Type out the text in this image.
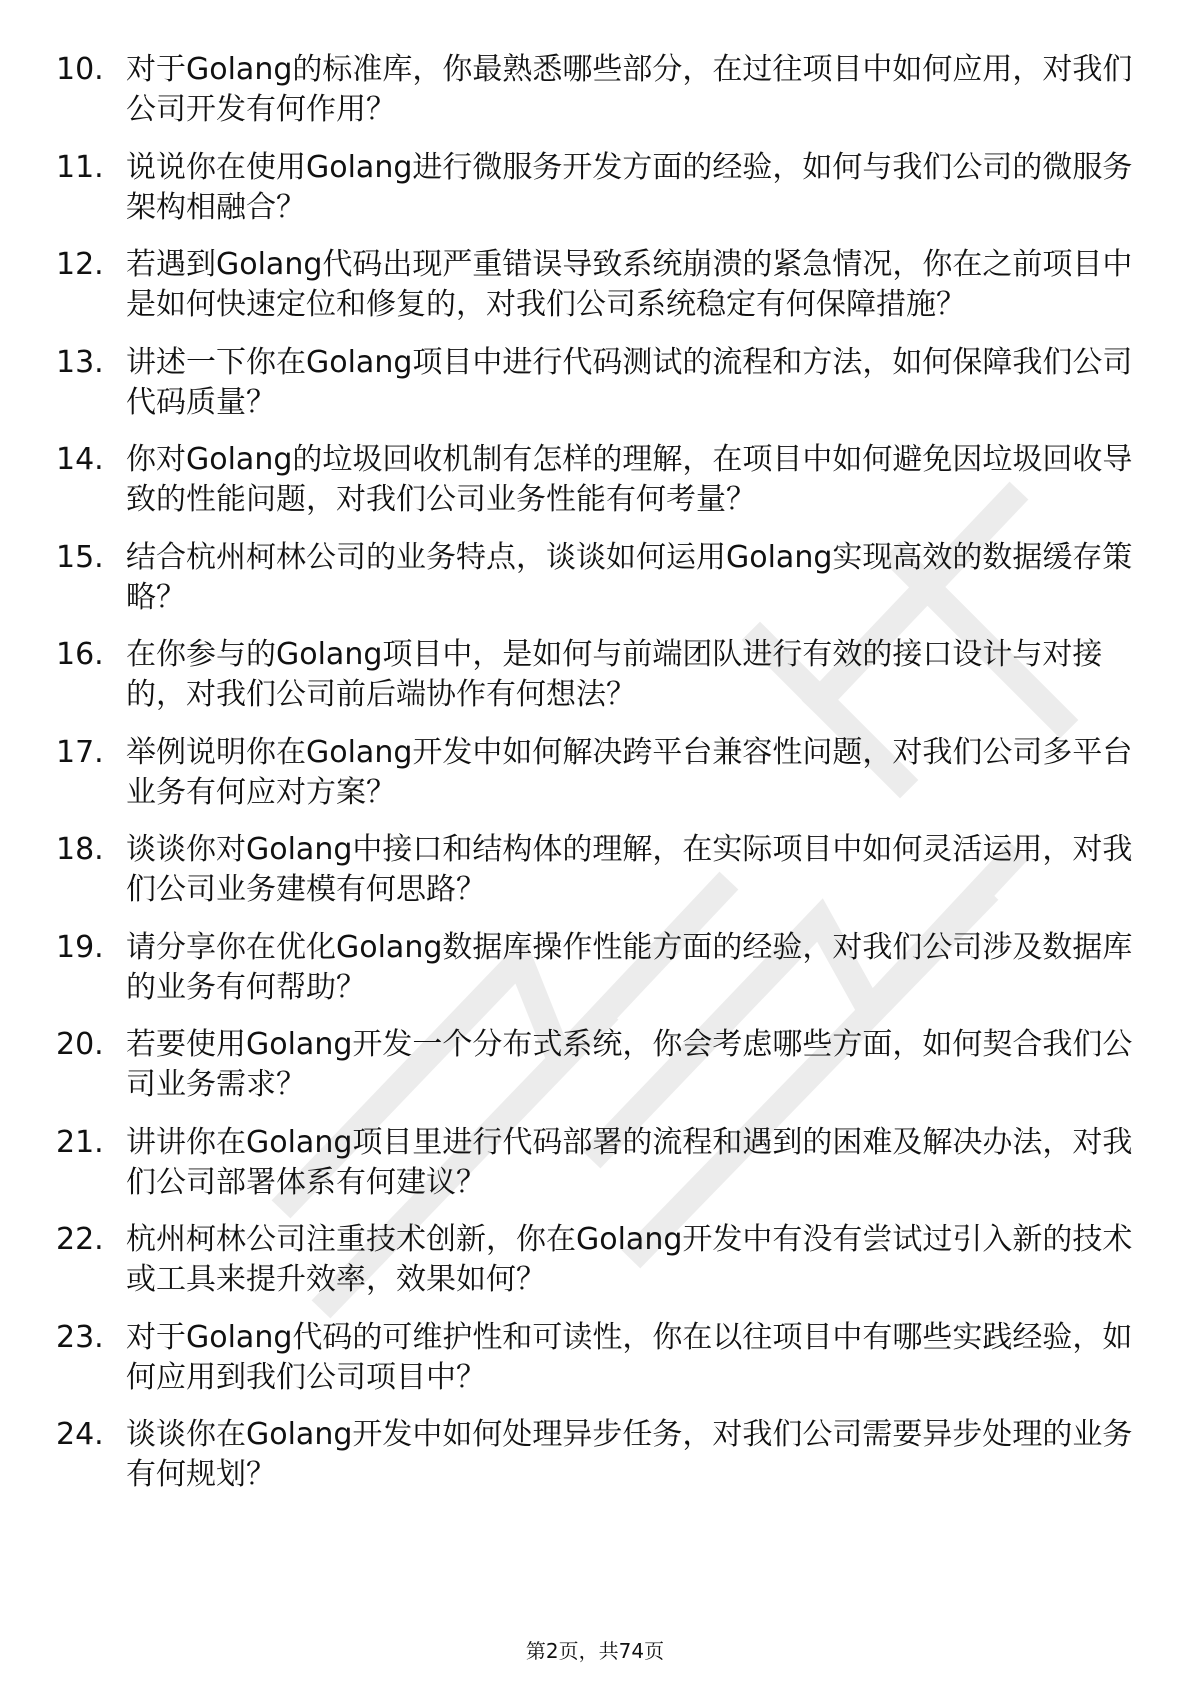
10. 对于Golang的标准库，你最熟悉哪些部分，在过往项目中如何应用，对我们公司开发有何作用？
11. 说说你在使用Golang进行微服务开发方面的经验，如何与我们公司的微服务架构相融合？
12. 若遇到Golang代码出现严重错误导致系统崩溃的紧急情况，你在之前项目中是如何快速定位和修复的，对我们公司系统稳定有何保障措施？
13. 讲述一下你在Golang项目中进行代码测试的流程和方法，如何保障我们公司代码质量？
14. 你对Golang的垃圾回收机制有怎样的理解，在项目中如何避免因垃圾回收导致的性能问题，对我们公司业务性能有何考量？
15. 结合杭州柯林公司的业务特点，谈谈如何运用Golang实现高效的数据缓存策略？
16. 在你参与的Golang项目中，是如何与前端团队进行有效的接口设计与对接的，对我们公司前后端协作有何想法？
17. 举例说明你在Golang开发中如何解决跨平台兼容性问题，对我们公司多平台业务有何应对方案？
18. 谈谈你对Golang中接口和结构体的理解，在实际项目中如何灵活运用，对我们公司业务建模有何思路？
19. 请分享你在优化Golang数据库操作性能方面的经验，对我们公司涉及数据库的业务有何帮助？
20. 若要使用Golang开发一个分布式系统，你会考虑哪些方面，如何契合我们公司业务需求？
21. 讲讲你在Golang项目里进行代码部署的流程和遇到的困难及解决办法，对我们公司部署体系有何建议？
22. 杭州柯林公司注重技术创新，你在Golang开发中有没有尝试过引入新的技术或工具来提升效率，效果如何？
23. 对于Golang代码的可维护性和可读性，你在以往项目中有哪些实践经验，如何应用到我们公司项目中？
24. 谈谈你在Golang开发中如何处理异步任务，对我们公司需要异步处理的业务有何规划？
第2页，共74页
